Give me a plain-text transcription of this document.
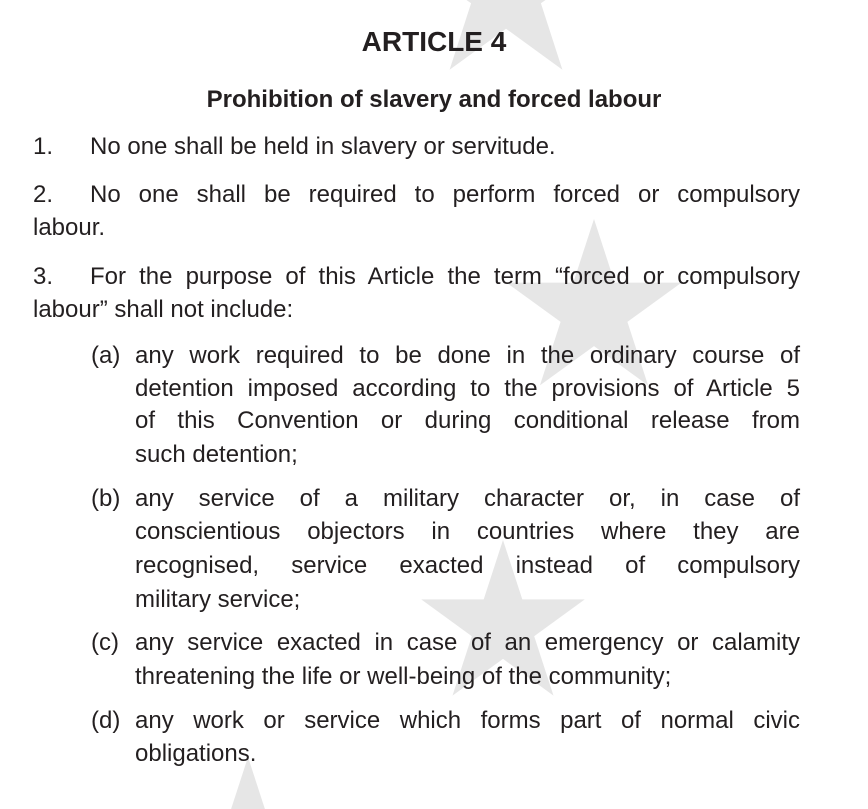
ARTICLE 4
Prohibition of slavery and forced labour
1. No one shall be held in slavery or servitude.
2. No one shall be required to perform forced or compulsory
labour.
3. For the purpose of this Article the term “forced or compulsory
labour” shall not include:
(a) any work required to be done in the ordinary course of
detention imposed according to the provisions of Article 5
of this Convention or during conditional release from
such detention;
(b) any service of a military character or, in case of
conscientious objectors in countries where they are
recognised, service exacted instead of compulsory
military service;
(c) any service exacted in case of an emergency or calamity
threatening the life or well-being of the community;
(d) any work or service which forms part of normal civic
obligations.
